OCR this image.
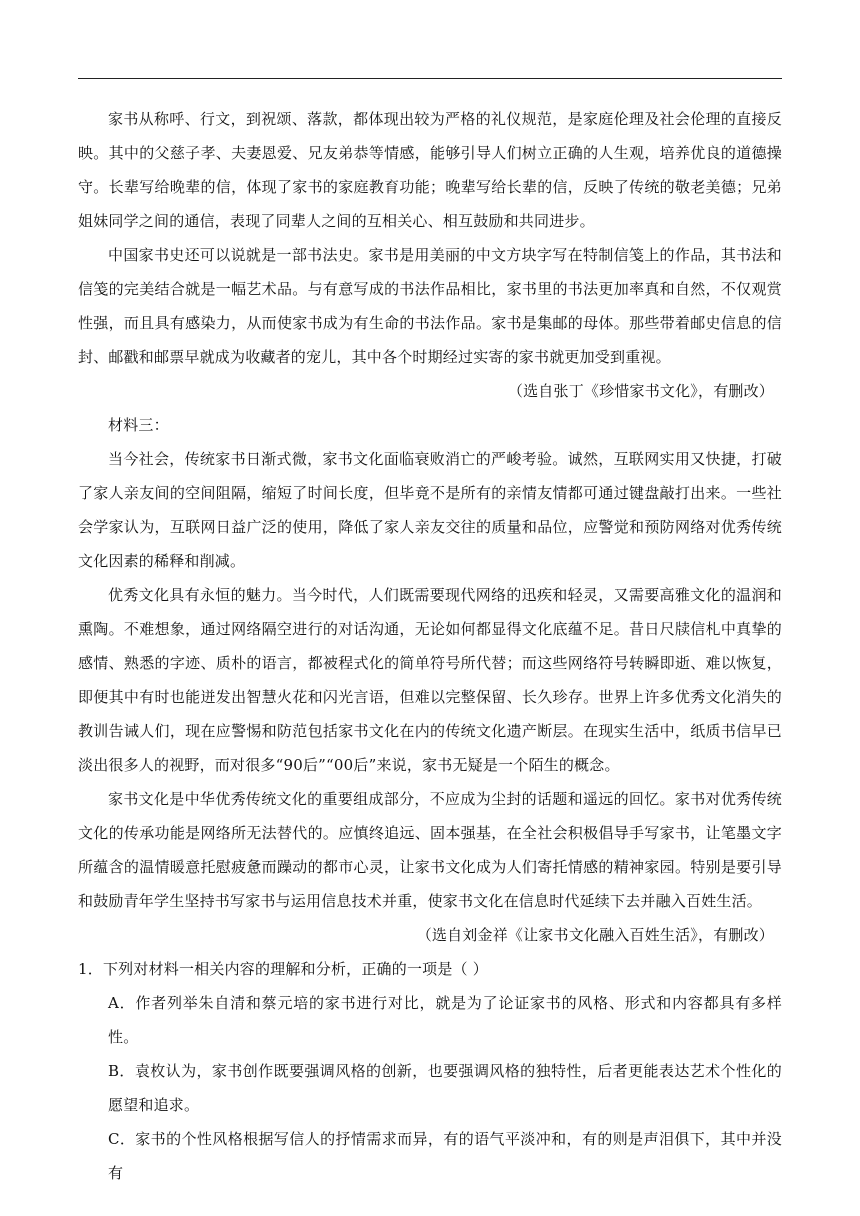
家书从称呼、行文，到祝颂、落款，都体现出较为严格的礼仪规范，是家庭伦理及社会伦理的直接反映。其中的父慈子孝、夫妻恩爱、兄友弟恭等情感，能够引导人们树立正确的人生观，培养优良的道德操守。长辈写给晚辈的信，体现了家书的家庭教育功能；晚辈写给长辈的信，反映了传统的敬老美德；兄弟姐妹同学之间的通信，表现了同辈人之间的互相关心、相互鼓励和共同进步。

中国家书史还可以说就是一部书法史。家书是用美丽的中文方块字写在特制信笺上的作品，其书法和信笺的完美结合就是一幅艺术品。与有意写成的书法作品相比，家书里的书法更加率真和自然，不仅观赏性强，而且具有感染力，从而使家书成为有生命的书法作品。家书是集邮的母体。那些带着邮史信息的信封、邮戳和邮票早就成为收藏者的宠儿，其中各个时期经过实寄的家书就更加受到重视。

（选自张丁《珍惜家书文化》，有删改）

材料三：

当今社会，传统家书日渐式微，家书文化面临衰败消亡的严峻考验。诚然，互联网实用又快捷，打破了家人亲友间的空间阻隔，缩短了时间长度，但毕竟不是所有的亲情友情都可通过键盘敲打出来。一些社会学家认为，互联网日益广泛的使用，降低了家人亲友交往的质量和品位，应警觉和预防网络对优秀传统文化因素的稀释和削减。

优秀文化具有永恒的魅力。当今时代，人们既需要现代网络的迅疾和轻灵，又需要高雅文化的温润和熏陶。不难想象，通过网络隔空进行的对话沟通，无论如何都显得文化底蕴不足。昔日尺牍信札中真挚的感情、熟悉的字迹、质朴的语言，都被程式化的简单符号所代替；而这些网络符号转瞬即逝、难以恢复，即便其中有时也能迸发出智慧火花和闪光言语，但难以完整保留、长久珍存。世界上许多优秀文化消失的教训告诫人们，现在应警惕和防范包括家书文化在内的传统文化遗产断层。在现实生活中，纸质书信早已淡出很多人的视野，而对很多“90后”“00后”来说，家书无疑是一个陌生的概念。

家书文化是中华优秀传统文化的重要组成部分，不应成为尘封的话题和遥远的回忆。家书对优秀传统文化的传承功能是网络所无法替代的。应慎终追远、固本强基，在全社会积极倡导手写家书，让笔墨文字所蕴含的温情暖意托慰疲惫而躁动的都市心灵，让家书文化成为人们寄托情感的精神家园。特别是要引导和鼓励青年学生坚持书写家书与运用信息技术并重，使家书文化在信息时代延续下去并融入百姓生活。

（选自刘金祥《让家书文化融入百姓生活》，有删改）

1．下列对材料一相关内容的理解和分析，正确的一项是（ ）

A．作者列举朱自清和蔡元培的家书进行对比，就是为了论证家书的风格、形式和内容都具有多样性。

B．袁枚认为，家书创作既要强调风格的创新，也要强调风格的独特性，后者更能表达艺术个性化的愿望和追求。

C．家书的个性风格根据写信人的抒情需求而异，有的语气平淡冲和，有的则是声泪俱下，其中并没有
